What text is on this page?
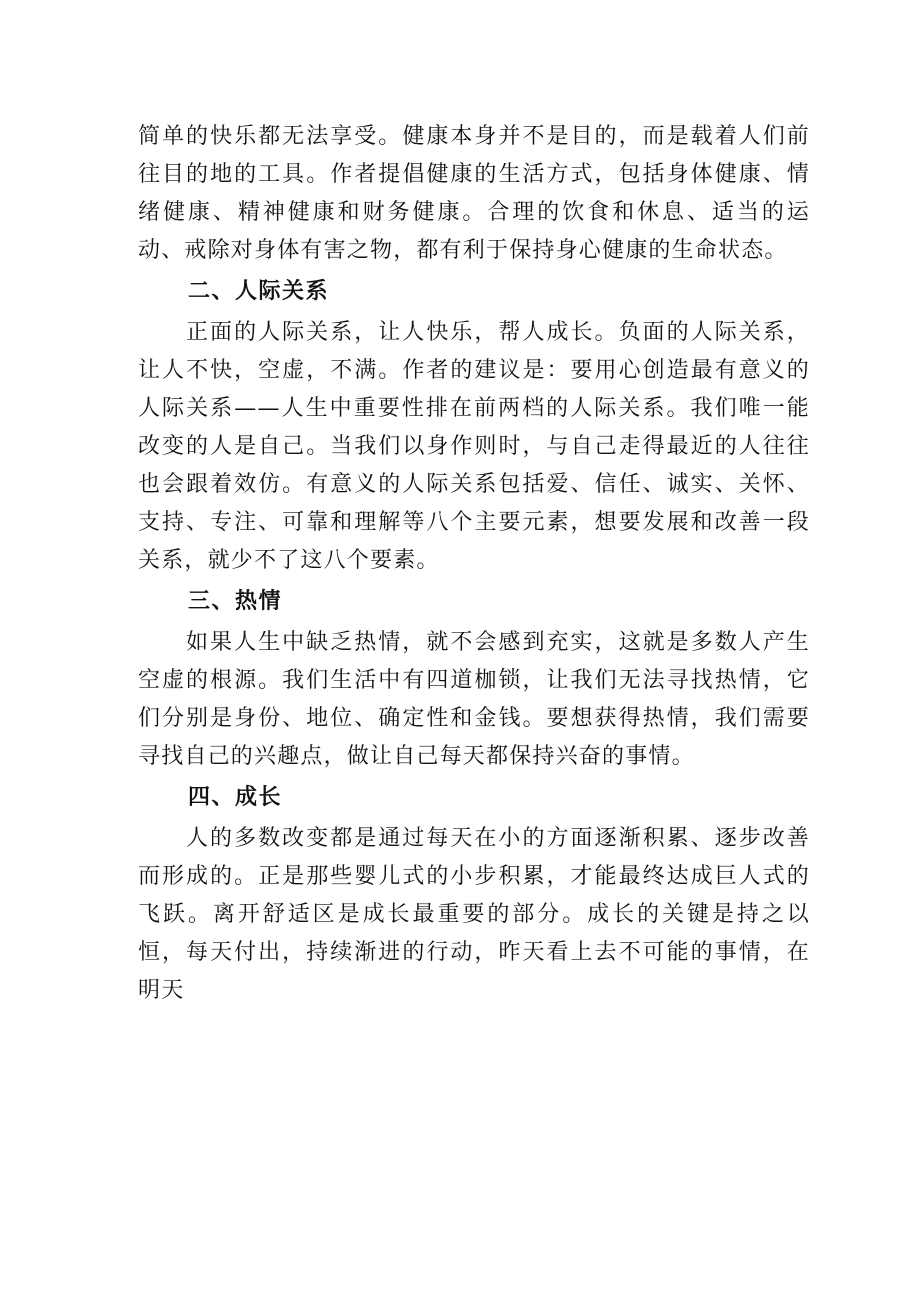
简单的快乐都无法享受。健康本身并不是目的，而是载着人们前往目的地的工具。作者提倡健康的生活方式，包括身体健康、情绪健康、精神健康和财务健康。合理的饮食和休息、适当的运动、戒除对身体有害之物，都有利于保持身心健康的生命状态。

二、人际关系

正面的人际关系，让人快乐，帮人成长。负面的人际关系，让人不快，空虚，不满。作者的建议是：要用心创造最有意义的人际关系——人生中重要性排在前两档的人际关系。我们唯一能改变的人是自己。当我们以身作则时，与自己走得最近的人往往也会跟着效仿。有意义的人际关系包括爱、信任、诚实、关怀、支持、专注、可靠和理解等八个主要元素，想要发展和改善一段关系，就少不了这八个要素。

三、热情

如果人生中缺乏热情，就不会感到充实，这就是多数人产生空虚的根源。我们生活中有四道枷锁，让我们无法寻找热情，它们分别是身份、地位、确定性和金钱。要想获得热情，我们需要寻找自己的兴趣点，做让自己每天都保持兴奋的事情。

四、成长

人的多数改变都是通过每天在小的方面逐渐积累、逐步改善而形成的。正是那些婴儿式的小步积累，才能最终达成巨人式的飞跃。离开舒适区是成长最重要的部分。成长的关键是持之以恒，每天付出，持续渐进的行动，昨天看上去不可能的事情，在明天
